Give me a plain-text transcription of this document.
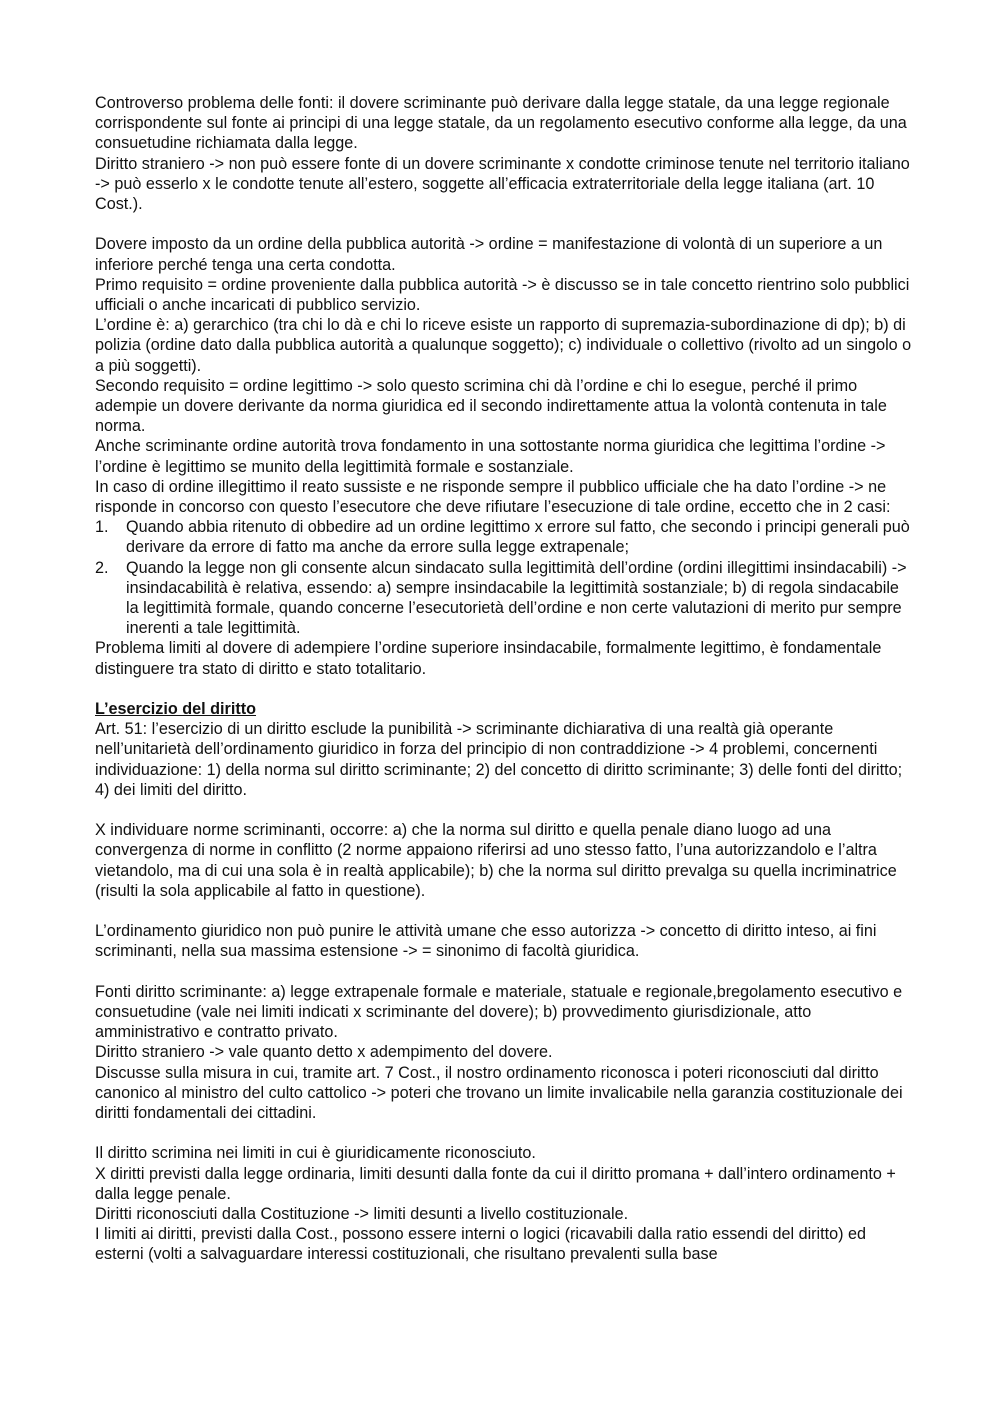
Controverso problema delle fonti: il dovere scriminante può derivare dalla legge statale, da una legge regionale corrispondente sul fonte ai principi di una legge statale, da un regolamento esecutivo conforme alla legge, da una consuetudine richiamata dalla legge.

Diritto straniero -> non può essere fonte di un dovere scriminante x condotte criminose tenute nel territorio italiano -> può esserlo x le condotte tenute all’estero, soggette all’efficacia extraterritoriale della legge italiana (art. 10 Cost.).

Dovere imposto da un ordine della pubblica autorità -> ordine = manifestazione di volontà di un superiore a un inferiore perché tenga una certa condotta.

Primo requisito = ordine proveniente dalla pubblica autorità -> è discusso se in tale concetto rientrino solo pubblici ufficiali o anche incaricati di pubblico servizio.

L’ordine è: a) gerarchico (tra chi lo dà e chi lo riceve esiste un rapporto di supremazia-subordinazione di dp); b) di polizia (ordine dato dalla pubblica autorità a qualunque soggetto); c) individuale o collettivo (rivolto ad un singolo o a più soggetti).

Secondo requisito = ordine legittimo -> solo questo scrimina chi dà l’ordine e chi lo esegue, perché il primo adempie un dovere derivante da norma giuridica ed il secondo indirettamente attua la volontà contenuta in tale norma.

Anche scriminante ordine autorità trova fondamento in una sottostante norma giuridica che legittima l’ordine -> l’ordine è legittimo se munito della legittimità formale e sostanziale.

In caso di ordine illegittimo il reato sussiste e ne risponde sempre il pubblico ufficiale che ha dato l’ordine -> ne risponde in concorso con questo l’esecutore che deve rifiutare l’esecuzione di tale ordine, eccetto che in 2 casi:

1. Quando abbia ritenuto di obbedire ad un ordine legittimo x errore sul fatto, che secondo i principi generali può derivare da errore di fatto ma anche da errore sulla legge extrapenale;
2. Quando la legge non gli consente alcun sindacato sulla legittimità dell’ordine (ordini illegittimi insindacabili) -> insindacabilità è relativa, essendo: a) sempre insindacabile la legittimità sostanziale; b) di regola sindacabile la legittimità formale, quando concerne l’esecutorietà dell’ordine e non certe valutazioni di merito pur sempre inerenti a tale legittimità.

Problema limiti al dovere di adempiere l’ordine superiore insindacabile, formalmente legittimo, è fondamentale distinguere tra stato di diritto e stato totalitario.

L’esercizio del diritto

Art. 51: l’esercizio di un diritto esclude la punibilità -> scriminante dichiarativa di una realtà già operante nell’unitarietà dell’ordinamento giuridico in forza del principio di non contraddizione -> 4 problemi, concernenti individuazione: 1) della norma sul diritto scriminante; 2) del concetto di diritto scriminante; 3) delle fonti del diritto; 4) dei limiti del diritto.

X individuare norme scriminanti, occorre: a) che la norma sul diritto e quella penale diano luogo ad una convergenza di norme in conflitto (2 norme appaiono riferirsi ad uno stesso fatto, l’una autorizzandolo e l’altra vietandolo, ma di cui una sola è in realtà applicabile); b) che la norma sul diritto prevalga su quella incriminatrice (risulti la sola applicabile al fatto in questione).

L’ordinamento giuridico non può punire le attività umane che esso autorizza -> concetto di diritto inteso, ai fini scriminanti, nella sua massima estensione -> = sinonimo di facoltà giuridica.

Fonti diritto scriminante: a) legge extrapenale formale e materiale, statuale e regionale,bregolamento esecutivo e consuetudine (vale nei limiti indicati x scriminante del dovere); b) provvedimento giurisdizionale, atto amministrativo e contratto privato.

Diritto straniero -> vale quanto detto x adempimento del dovere.

Discusse sulla misura in cui, tramite art. 7 Cost., il nostro ordinamento riconosca i poteri riconosciuti dal diritto canonico al ministro del culto cattolico -> poteri che trovano un limite invalicabile nella garanzia costituzionale dei diritti fondamentali dei cittadini.

Il diritto scrimina nei limiti in cui è giuridicamente riconosciuto.

X diritti previsti dalla legge ordinaria, limiti desunti dalla fonte da cui il diritto promana + dall’intero ordinamento + dalla legge penale.

Diritti riconosciuti dalla Costituzione -> limiti desunti a livello costituzionale.

I limiti ai diritti, previsti dalla Cost., possono essere interni o logici (ricavabili dalla ratio essendi del diritto) ed esterni (volti a salvaguardare interessi costituzionali, che risultano prevalenti sulla base
